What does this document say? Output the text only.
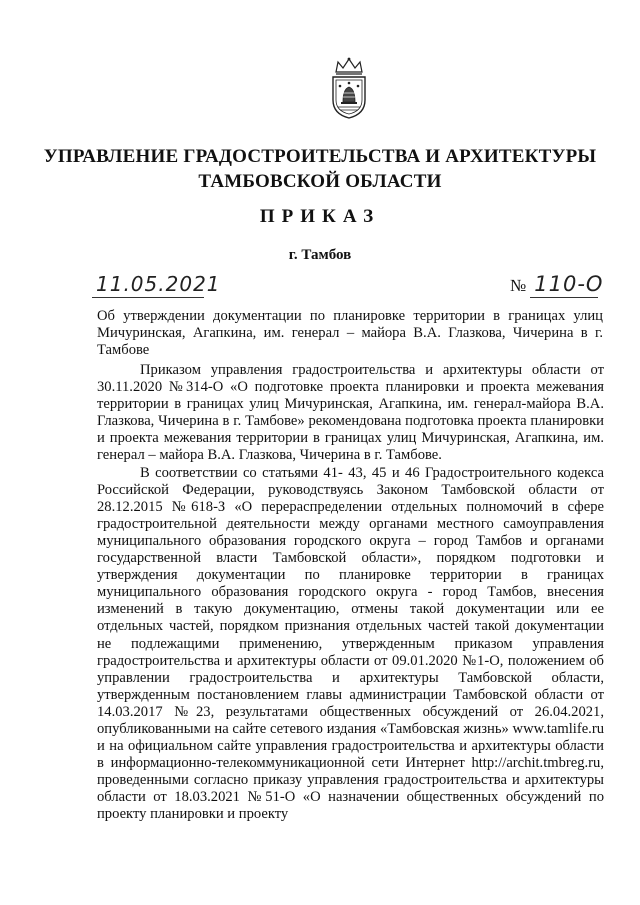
УПРАВЛЕНИЕ ГРАДОСТРОИТЕЛЬСТВА И АРХИТЕКТУРЫ
ТАМБОВСКОЙ ОБЛАСТИ
ПРИКАЗ
г. Тамбов
11.05.2021	№ 110-О
Об утверждении документации по планировке территории в границах улиц Мичуринская, Агапкина, им. генерал – майора В.А. Глазкова, Чичерина в г. Тамбове

Приказом управления градостроительства и архитектуры области от 30.11.2020 №314-О «О подготовке проекта планировки и проекта межевания территории в границах улиц Мичуринская, Агапкина, им. генерал-майора В.А. Глазкова, Чичерина в г. Тамбове» рекомендована подготовка проекта планировки и проекта межевания территории в границах улиц Мичуринская, Агапкина, им. генерал – майора В.А. Глазкова, Чичерина в г. Тамбове.

В соответствии со статьями 41- 43, 45 и 46 Градостроительного кодекса Российской Федерации, руководствуясь Законом Тамбовской области от 28.12.2015 №618-З «О перераспределении отдельных полномочий в сфере градостроительной деятельности между органами местного самоуправления муниципального образования городского округа – город Тамбов и органами государственной власти Тамбовской области», порядком подготовки и утверждения документации по планировке территории в границах муниципального образования городского округа - город Тамбов, внесения изменений в такую документацию, отмены такой документации или ее отдельных частей, порядком признания отдельных частей такой документации не подлежащими применению, утвержденным приказом управления градостроительства и архитектуры области от 09.01.2020 №1-О, положением об управлении градостроительства и архитектуры Тамбовской области, утвержденным постановлением главы администрации Тамбовской области от 14.03.2017 №23, результатами общественных обсуждений от 26.04.2021, опубликованными на сайте сетевого издания «Тамбовская жизнь» www.tamlife.ru и на официальном сайте управления градостроительства и архитектуры области в информационно-телекоммуникационной сети Интернет http://archit.tmbreg.ru, проведенными согласно приказу управления градостроительства и архитектуры области от 18.03.2021 №51-О «О назначении общественных обсуждений по проекту планировки и проекту
